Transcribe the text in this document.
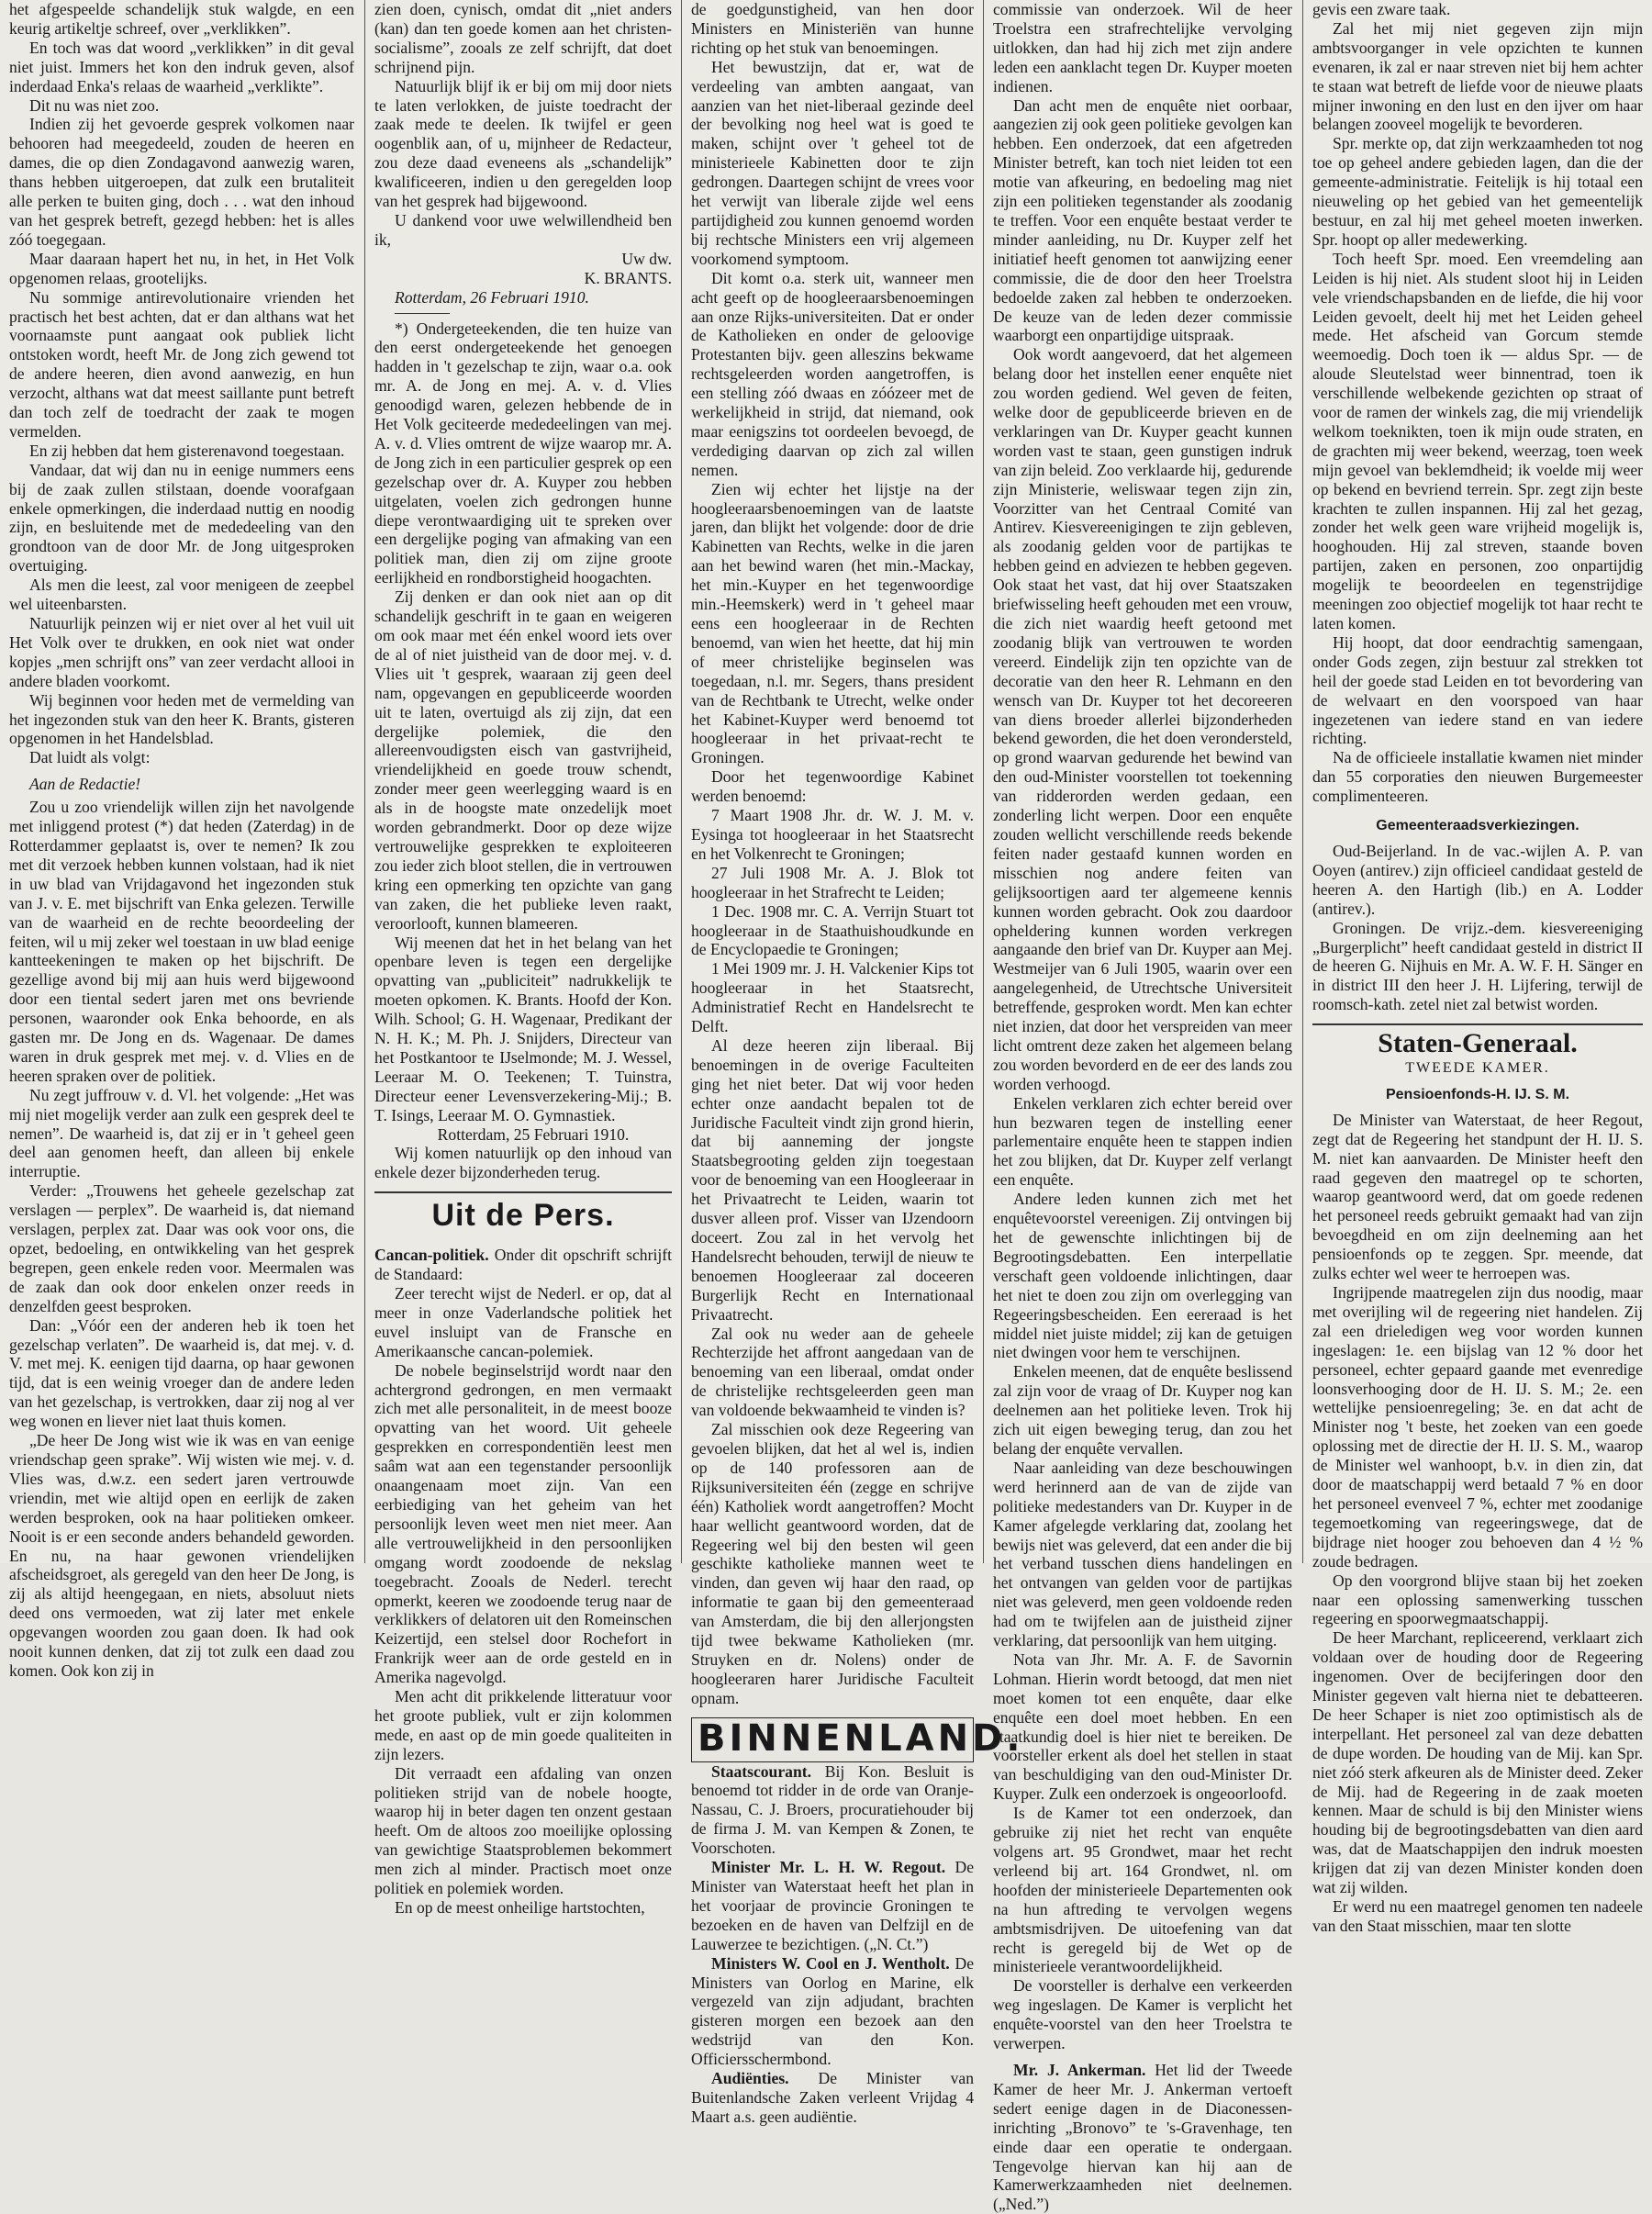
het afgespeelde schandelijk stuk walgde, en een keurig artikeltje schreef, over „verklikken”.

En toch was dat woord „verklikken” in dit geval niet juist. Immers het kon den indruk geven, alsof inderdaad Enka's relaas de waarheid „verklikte”.

Dit nu was niet zoo.

Indien zij het gevoerde gesprek volkomen naar behooren had meegedeeld, zouden de heeren en dames, die op dien Zondagavond aanwezig waren, thans hebben uitgeroepen, dat zulk een brutaliteit alle perken te buiten ging, doch . . . wat den inhoud van het gesprek betreft, gezegd hebben: het is alles zóó toegegaan.

Maar daaraan hapert het nu, in het, in Het Volk opgenomen relaas, grootelijks.

Nu sommige antirevolutionaire vrienden het practisch het best achten, dat er dan althans wat het voornaamste punt aangaat ook publiek licht ontstoken wordt, heeft Mr. de Jong zich gewend tot de andere heeren, dien avond aanwezig, en hun verzocht, althans wat dat meest saillante punt betreft dan toch zelf de toedracht der zaak te mogen vermelden.

En zij hebben dat hem gisterenavond toegestaan.

Vandaar, dat wij dan nu in eenige nummers eens bij de zaak zullen stilstaan, doende voorafgaan enkele opmerkingen, die inderdaad nuttig en noodig zijn, en besluitende met de mededeeling van den grondtoon van de door Mr. de Jong uitgesproken overtuiging.

Als men die leest, zal voor menigeen de zeepbel wel uiteenbarsten.

Natuurlijk peinzen wij er niet over al het vuil uit Het Volk over te drukken, en ook niet wat onder kopjes „men schrijft ons” van zeer verdacht allooi in andere bladen voorkomt.

Wij beginnen voor heden met de vermelding van het ingezonden stuk van den heer K. Brants, gisteren opgenomen in het Handelsblad.

Dat luidt als volgt:

Aan de Redactie!

Zou u zoo vriendelijk willen zijn het navolgende met inliggend protest (*) dat heden (Zaterdag) in de Rotterdammer geplaatst is, over te nemen? Ik zou met dit verzoek hebben kunnen volstaan, had ik niet in uw blad van Vrijdagavond het ingezonden stuk van J. v. E. met bijschrift van Enka gelezen. Terwille van de waarheid en de rechte beoordeeling der feiten, wil u mij zeker wel toestaan in uw blad eenige kantteekeningen te maken op het bijschrift. De gezellige avond bij mij aan huis werd bijgewoond door een tiental sedert jaren met ons bevriende personen, waaronder ook Enka behoorde, en als gasten mr. De Jong en ds. Wagenaar. De dames waren in druk gesprek met mej. v. d. Vlies en de heeren spraken over de politiek.

Nu zegt juffrouw v. d. Vl. het volgende: „Het was mij niet mogelijk verder aan zulk een gesprek deel te nemen”. De waarheid is, dat zij er in 't geheel geen deel aan genomen heeft, dan alleen bij enkele interruptie.

Verder: „Trouwens het geheele gezelschap zat verslagen — perplex”. De waarheid is, dat niemand verslagen, perplex zat. Daar was ook voor ons, die opzet, bedoeling, en ontwikkeling van het gesprek begrepen, geen enkele reden voor. Meermalen was de zaak dan ook door enkelen onzer reeds in denzelfden geest besproken.

Dan: „Vóór een der anderen heb ik toen het gezelschap verlaten”. De waarheid is, dat mej. v. d. V. met mej. K. eenigen tijd daarna, op haar gewonen tijd, dat is een weinig vroeger dan de andere leden van het gezelschap, is vertrokken, daar zij nog al ver weg wonen en liever niet laat thuis komen.

„De heer De Jong wist wie ik was en van eenige vriendschap geen sprake”. Wij wisten wie mej. v. d. Vlies was, d.w.z. een sedert jaren vertrouwde vriendin, met wie altijd open en eerlijk de zaken werden besproken, ook na haar politieken omkeer. Nooit is er een seconde anders behandeld geworden. En nu, na haar gewonen vriendelijken afscheidsgroet, als geregeld van den heer De Jong, is zij als altijd heengegaan, en niets, absoluut niets deed ons vermoeden, wat zij later met enkele opgevangen woorden zou gaan doen. Ik had ook nooit kunnen denken, dat zij tot zulk een daad zou komen. Ook kon zij in

zien doen, cynisch, omdat dit „niet anders (kan) dan ten goede komen aan het christen-socialisme”, zooals ze zelf schrijft, dat doet schrijnend pijn.

Natuurlijk blijf ik er bij om mij door niets te laten verlokken, de juiste toedracht der zaak mede te deelen. Ik twijfel er geen oogenblik aan, of u, mijnheer de Redacteur, zou deze daad eveneens als „schandelijk” kwalificeeren, indien u den geregelden loop van het gesprek had bijgewoond.

U dankend voor uwe welwillendheid ben ik,

Uw dw.

K. BRANTS.

Rotterdam, 26 Februari 1910.

*) Ondergeteekenden, die ten huize van den eerst ondergeteekende het genoegen hadden in 't gezelschap te zijn, waar o.a. ook mr. A. de Jong en mej. A. v. d. Vlies genoodigd waren, gelezen hebbende de in Het Volk geciteerde mededeelingen van mej. A. v. d. Vlies omtrent de wijze waarop mr. A. de Jong zich in een particulier gesprek op een gezelschap over dr. A. Kuyper zou hebben uitgelaten, voelen zich gedrongen hunne diepe verontwaardiging uit te spreken over een dergelijke poging van afmaking van een politiek man, dien zij om zijne groote eerlijkheid en rondborstigheid hoogachten.

Zij denken er dan ook niet aan op dit schandelijk geschrift in te gaan en weigeren om ook maar met één enkel woord iets over de al of niet juistheid van de door mej. v. d. Vlies uit 't gesprek, waaraan zij geen deel nam, opgevangen en gepubliceerde woorden uit te laten, overtuigd als zij zijn, dat een dergelijke polemiek, die den allereenvoudigsten eisch van gastvrijheid, vriendelijkheid en goede trouw schendt, zonder meer geen weerlegging waard is en als in de hoogste mate onzedelijk moet worden gebrandmerkt. Door op deze wijze vertrouwelijke gesprekken te exploiteeren zou ieder zich bloot stellen, die in vertrouwen kring een opmerking ten opzichte van gang van zaken, die het publieke leven raakt, veroorlooft, kunnen blameeren.

Wij meenen dat het in het belang van het openbare leven is tegen een dergelijke opvatting van „publiciteit” nadrukkelijk te moeten opkomen. K. Brants. Hoofd der Kon. Wilh. School; G. H. Wagenaar, Predikant der N. H. K.; M. Ph. J. Snijders, Directeur van het Postkantoor te IJselmonde; M. J. Wessel, Leeraar M. O. Teekenen; T. Tuinstra, Directeur eener Levensverzekering-Mij.; B. T. Isings, Leeraar M. O. Gymnastiek.

Rotterdam, 25 Februari 1910.

Wij komen natuurlijk op den inhoud van enkele dezer bijzonderheden terug.

Uit de Pers.

Cancan-politiek. Onder dit opschrift schrijft de Standaard:

Zeer terecht wijst de Nederl. er op, dat al meer in onze Vaderlandsche politiek het euvel insluipt van de Fransche en Amerikaansche cancan-polemiek.

De nobele beginselstrijd wordt naar den achtergrond gedrongen, en men vermaakt zich met alle personaliteit, in de meest booze opvatting van het woord. Uit geheele gesprekken en correspondentiën leest men saâm wat aan een tegenstander persoonlijk onaangenaam moet zijn. Van een eerbiediging van het geheim van het persoonlijk leven weet men niet meer. Aan alle vertrouwelijkheid in den persoonlijken omgang wordt zoodoende de nekslag toegebracht. Zooals de Nederl. terecht opmerkt, keeren we zoodoende terug naar de verklikkers of delatoren uit den Romeinschen Keizertijd, een stelsel door Rochefort in Frankrijk weer aan de orde gesteld en in Amerika nagevolgd.

Men acht dit prikkelende litteratuur voor het groote publiek, vult er zijn kolommen mede, en aast op de min goede qualiteiten in zijn lezers.

Dit verraadt een afdaling van onzen politieken strijd van de nobele hoogte, waarop hij in beter dagen ten onzent gestaan heeft. Om de altoos zoo moeilijke oplossing van gewichtige Staatsproblemen bekommert men zich al minder. Practisch moet onze politiek en polemiek worden.

En op de meest onheilige hartstochten,

de goedgunstigheid, van hen door Ministers en Ministeriën van hunne richting op het stuk van benoemingen.

Het bewustzijn, dat er, wat de verdeeling van ambten aangaat, van aanzien van het niet-liberaal gezinde deel der bevolking nog heel wat is goed te maken, schijnt over 't geheel tot de ministerieele Kabinetten door te zijn gedrongen. Daartegen schijnt de vrees voor het verwijt van liberale zijde wel eens partijdigheid zou kunnen genoemd worden bij rechtsche Ministers een vrij algemeen voorkomend symptoom.

Dit komt o.a. sterk uit, wanneer men acht geeft op de hoogleeraarsbenoemingen aan onze Rijks-universiteiten. Dat er onder de Katholieken en onder de geloovige Protestanten bijv. geen alleszins bekwame rechtsgeleerden worden aangetroffen, is een stelling zóó dwaas en zóózeer met de werkelijkheid in strijd, dat niemand, ook maar eenigszins tot oordeelen bevoegd, de verdediging daarvan op zich zal willen nemen.

Zien wij echter het lijstje na der hoogleeraarsbenoemingen van de laatste jaren, dan blijkt het volgende: door de drie Kabinetten van Rechts, welke in die jaren aan het bewind waren (het min.-Mackay, het min.-Kuyper en het tegenwoordige min.-Heemskerk) werd in 't geheel maar eens een hoogleeraar in de Rechten benoemd, van wien het heette, dat hij min of meer christelijke beginselen was toegedaan, n.l. mr. Segers, thans president van de Rechtbank te Utrecht, welke onder het Kabinet-Kuyper werd benoemd tot hoogleeraar in het privaat-recht te Groningen.

Door het tegenwoordige Kabinet werden benoemd:

7 Maart 1908 Jhr. dr. W. J. M. v. Eysinga tot hoogleeraar in het Staatsrecht en het Volkenrecht te Groningen;

27 Juli 1908 Mr. A. J. Blok tot hoogleeraar in het Strafrecht te Leiden;

1 Dec. 1908 mr. C. A. Verrijn Stuart tot hoogleeraar in de Staathuishoudkunde en de Encyclopaedie te Groningen;

1 Mei 1909 mr. J. H. Valckenier Kips tot hoogleeraar in het Staatsrecht, Administratief Recht en Handelsrecht te Delft.

Al deze heeren zijn liberaal. Bij benoemingen in de overige Faculteiten ging het niet beter. Dat wij voor heden echter onze aandacht bepalen tot de Juridische Faculteit vindt zijn grond hierin, dat bij aanneming der jongste Staatsbegrooting gelden zijn toegestaan voor de benoeming van een Hoogleeraar in het Privaatrecht te Leiden, waarin tot dusver alleen prof. Visser van IJzendoorn doceert. Zou zal in het vervolg het Handelsrecht behouden, terwijl de nieuw te benoemen Hoogleeraar zal doceeren Burgerlijk Recht en Internationaal Privaatrecht.

Zal ook nu weder aan de geheele Rechterzijde het affront aangedaan van de benoeming van een liberaal, omdat onder de christelijke rechtsgeleerden geen man van voldoende bekwaamheid te vinden is?

Zal misschien ook deze Regeering van gevoelen blijken, dat het al wel is, indien op de 140 professoren aan de Rijksuniversiteiten één (zegge en schrijve één) Katholiek wordt aangetroffen? Mocht haar wellicht geantwoord worden, dat de Regeering wel bij den besten wil geen geschikte katholieke mannen weet te vinden, dan geven wij haar den raad, op informatie te gaan bij den gemeenteraad van Amsterdam, die bij den allerjongsten tijd twee bekwame Katholieken (mr. Struyken en dr. Nolens) onder de hoogleeraren harer Juridische Faculteit opnam.

BINNENLAND.

Staatscourant. Bij Kon. Besluit is benoemd tot ridder in de orde van Oranje-Nassau, C. J. Broers, procuratiehouder bij de firma J. M. van Kempen & Zonen, te Voorschoten.

Minister Mr. L. H. W. Regout. De Minister van Waterstaat heeft het plan in het voorjaar de provincie Groningen te bezoeken en de haven van Delfzijl en de Lauwerzee te bezichtigen. („N. Ct.”)

Ministers W. Cool en J. Wentholt. De Ministers van Oorlog en Marine, elk vergezeld van zijn adjudant, brachten gisteren morgen een bezoek aan den wedstrijd van den Kon. Officiersschermbond.

Audiënties. De Minister van Buitenlandsche Zaken verleent Vrijdag 4 Maart a.s. geen audiëntie.

commissie van onderzoek. Wil de heer Troelstra een strafrechtelijke vervolging uitlokken, dan had hij zich met zijn andere leden een aanklacht tegen Dr. Kuyper moeten indienen.

Dan acht men de enquête niet oorbaar, aangezien zij ook geen politieke gevolgen kan hebben. Een onderzoek, dat een afgetreden Minister betreft, kan toch niet leiden tot een motie van afkeuring, en bedoeling mag niet zijn een politieken tegenstander als zoodanig te treffen. Voor een enquête bestaat verder te minder aanleiding, nu Dr. Kuyper zelf het initiatief heeft genomen tot aanwijzing eener commissie, die de door den heer Troelstra bedoelde zaken zal hebben te onderzoeken. De keuze van de leden dezer commissie waarborgt een onpartijdige uitspraak.

Ook wordt aangevoerd, dat het algemeen belang door het instellen eener enquête niet zou worden gediend. Wel geven de feiten, welke door de gepubliceerde brieven en de verklaringen van Dr. Kuyper geacht kunnen worden vast te staan, geen gunstigen indruk van zijn beleid. Zoo verklaarde hij, gedurende zijn Ministerie, weliswaar tegen zijn zin, Voorzitter van het Centraal Comité van Antirev. Kiesvereenigingen te zijn gebleven, als zoodanig gelden voor de partijkas te hebben geind en adviezen te hebben gegeven. Ook staat het vast, dat hij over Staatszaken briefwisseling heeft gehouden met een vrouw, die zich niet waardig heeft getoond met zoodanig blijk van vertrouwen te worden vereerd. Eindelijk zijn ten opzichte van de decoratie van den heer R. Lehmann en den wensch van Dr. Kuyper tot het decoreeren van diens broeder allerlei bijzonderheden bekend geworden, die het doen verondersteld, op grond waarvan gedurende het bewind van den oud-Minister voorstellen tot toekenning van ridderorden werden gedaan, een zonderling licht werpen. Door een enquête zouden wellicht verschillende reeds bekende feiten nader gestaafd kunnen worden en misschien nog andere feiten van gelijksoortigen aard ter algemeene kennis kunnen worden gebracht. Ook zou daardoor opheldering kunnen worden verkregen aangaande den brief van Dr. Kuyper aan Mej. Westmeijer van 6 Juli 1905, waarin over een aangelegenheid, de Utrechtsche Universiteit betreffende, gesproken wordt. Men kan echter niet inzien, dat door het verspreiden van meer licht omtrent deze zaken het algemeen belang zou worden bevorderd en de eer des lands zou worden verhoogd.

Enkelen verklaren zich echter bereid over hun bezwaren tegen de instelling eener parlementaire enquête heen te stappen indien het zou blijken, dat Dr. Kuyper zelf verlangt een enquête.

Andere leden kunnen zich met het enquêtevoorstel vereenigen. Zij ontvingen bij het de gewenschte inlichtingen bij de Begrootingsdebatten. Een interpellatie verschaft geen voldoende inlichtingen, daar het niet te doen zou zijn om overlegging van Regeeringsbescheiden. Een eereraad is het middel niet juiste middel; zij kan de getuigen niet dwingen voor hem te verschijnen.

Enkelen meenen, dat de enquête beslissend zal zijn voor de vraag of Dr. Kuyper nog kan deelnemen aan het politieke leven. Trok hij zich uit eigen beweging terug, dan zou het belang der enquête vervallen.

Naar aanleiding van deze beschouwingen werd herinnerd aan de van de zijde van politieke medestanders van Dr. Kuyper in de Kamer afgelegde verklaring dat, zoolang het bewijs niet was geleverd, dat een ander die bij het verband tusschen diens handelingen en het ontvangen van gelden voor de partijkas niet was geleverd, men geen voldoende reden had om te twijfelen aan de juistheid zijner verklaring, dat persoonlijk van hem uitging.

Nota van Jhr. Mr. A. F. de Savornin Lohman. Hierin wordt betoogd, dat men niet moet komen tot een enquête, daar elke enquête een doel moet hebben. En een staatkundig doel is hier niet te bereiken. De voorsteller erkent als doel het stellen in staat van beschuldiging van den oud-Minister Dr. Kuyper. Zulk een onderzoek is ongeoorloofd.

Is de Kamer tot een onderzoek, dan gebruike zij niet het recht van enquête volgens art. 95 Grondwet, maar het recht verleend bij art. 164 Grondwet, nl. om hoofden der ministerieele Departementen ook na hun aftreding te vervolgen wegens ambtsmisdrijven. De uitoefening van dat recht is geregeld bij de Wet op de ministerieele verantwoordelijkheid.

De voorsteller is derhalve een verkeerden weg ingeslagen. De Kamer is verplicht het enquête-voorstel van den heer Troelstra te verwerpen.

Mr. J. Ankerman. Het lid der Tweede Kamer de heer Mr. J. Ankerman vertoeft sedert eenige dagen in de Diaconessen-inrichting „Bronovo” te 's-Gravenhage, ten einde daar een operatie te ondergaan. Tengevolge hiervan kan hij aan de Kamerwerkzaamheden niet deelnemen. („Ned.”)

gevis een zware taak.

Zal het mij niet gegeven zijn mijn ambtsvoorganger in vele opzichten te kunnen evenaren, ik zal er naar streven niet bij hem achter te staan wat betreft de liefde voor de nieuwe plaats mijner inwoning en den lust en den ijver om haar belangen zooveel mogelijk te bevorderen.

Spr. merkte op, dat zijn werkzaamheden tot nog toe op geheel andere gebieden lagen, dan die der gemeente-administratie. Feitelijk is hij totaal een nieuweling op het gebied van het gemeentelijk bestuur, en zal hij met geheel moeten inwerken. Spr. hoopt op aller medewerking.

Toch heeft Spr. moed. Een vreemdeling aan Leiden is hij niet. Als student sloot hij in Leiden vele vriendschapsbanden en de liefde, die hij voor Leiden gevoelt, deelt hij met het Leiden geheel mede. Het afscheid van Gorcum stemde weemoedig. Doch toen ik — aldus Spr. — de aloude Sleutelstad weer binnentrad, toen ik verschillende welbekende gezichten op straat of voor de ramen der winkels zag, die mij vriendelijk welkom toeknikten, toen ik mijn oude straten, en de grachten mij weer bekend, weerzag, toen week mijn gevoel van beklemdheid; ik voelde mij weer op bekend en bevriend terrein. Spr. zegt zijn beste krachten te zullen inspannen. Hij zal het gezag, zonder het welk geen ware vrijheid mogelijk is, hooghouden. Hij zal streven, staande boven partijen, zaken en personen, zoo onpartijdig mogelijk te beoordeelen en tegenstrijdige meeningen zoo objectief mogelijk tot haar recht te laten komen.

Hij hoopt, dat door eendrachtig samengaan, onder Gods zegen, zijn bestuur zal strekken tot heil der goede stad Leiden en tot bevordering van de welvaart en den voorspoed van haar ingezetenen van iedere stand en van iedere richting.

Na de officieele installatie kwamen niet minder dan 55 corporaties den nieuwen Burgemeester complimenteeren.

Gemeenteraadsverkiezingen.

Oud-Beijerland. In de vac.-wijlen A. P. van Ooyen (antirev.) zijn officieel candidaat gesteld de heeren A. den Hartigh (lib.) en A. Lodder (antirev.).

Groningen. De vrijz.-dem. kiesvereeniging „Burgerplicht” heeft candidaat gesteld in district II de heeren G. Nijhuis en Mr. A. W. F. H. Sänger en in district III den heer J. H. Lijfering, terwijl de roomsch-kath. zetel niet zal betwist worden.

Staten-Generaal.
TWEEDE KAMER.
Pensioenfonds-H. IJ. S. M.

De Minister van Waterstaat, de heer Regout, zegt dat de Regeering het standpunt der H. IJ. S. M. niet kan aanvaarden. De Minister heeft den raad gegeven den maatregel op te schorten, waarop geantwoord werd, dat om goede redenen het personeel reeds gebruikt gemaakt had van zijn bevoegdheid en om zijn deelneming aan het pensioenfonds op te zeggen. Spr. meende, dat zulks echter wel weer te herroepen was.

Ingrijpende maatregelen zijn dus noodig, maar met overijling wil de regeering niet handelen. Zij zal een drieledigen weg voor worden kunnen ingeslagen: 1e. een bijslag van 12 % door het personeel, echter gepaard gaande met evenredige loonsverhooging door de H. IJ. S. M.; 2e. een wettelijke pensioenregeling; 3e. en dat acht de Minister nog 't beste, het zoeken van een goede oplossing met de directie der H. IJ. S. M., waarop de Minister wel wanhoopt, b.v. in dien zin, dat door de maatschappij werd betaald 7 % en door het personeel evenveel 7 %, echter met zoodanige tegemoetkoming van regeeringswege, dat de bijdrage niet hooger zou behoeven dan 4 ½ % zoude bedragen.

Op den voorgrond blijve staan bij het zoeken naar een oplossing samenwerking tusschen regeering en spoorwegmaatschappij.

De heer Marchant, repliceerend, verklaart zich voldaan over de houding door de Regeering ingenomen. Over de becijferingen door den Minister gegeven valt hierna niet te debatteeren. De heer Schaper is niet zoo optimistisch als de interpellant. Het personeel zal van deze debatten de dupe worden. De houding van de Mij. kan Spr. niet zóó sterk afkeuren als de Minister deed. Zeker de Mij. had de Regeering in de zaak moeten kennen. Maar de schuld is bij den Minister wiens houding bij de begrootingsdebatten van dien aard was, dat de Maatschappijen den indruk moesten krijgen dat zij van dezen Minister konden doen wat zij wilden.

Er werd nu een maatregel genomen ten nadeele van den Staat misschien, maar ten slotte
